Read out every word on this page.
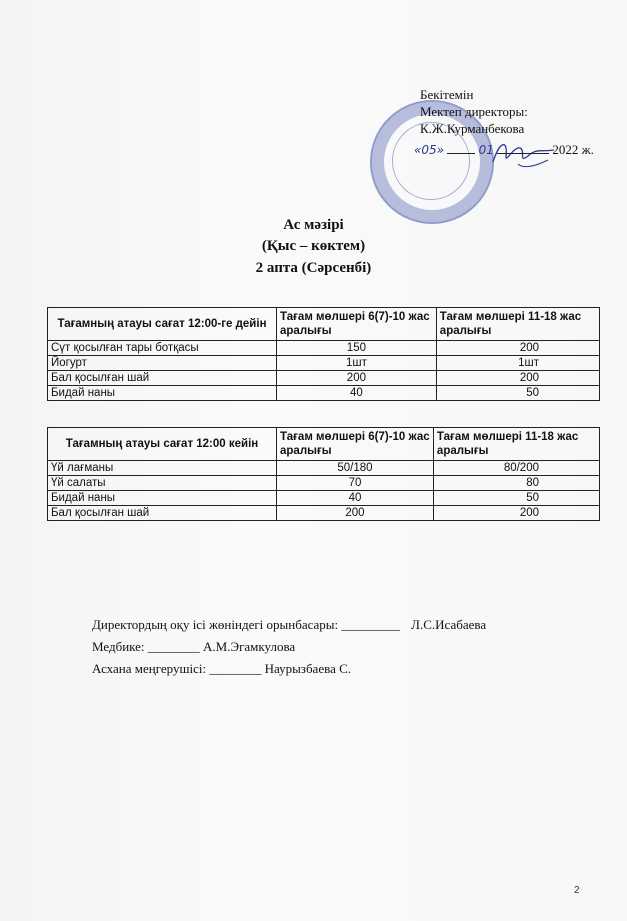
Бекітемін
Мектеп директоры:
К.Ж.Курманбекова
«05»	01	2022 ж.
Ас мәзірі
(Қыс – көктем)
2 апта (Сәрсенбі)
Тағамның атауы сағат 12:00-ге дейін	Тағам мөлшері 6(7)-10 жас аралығы	Тағам мөлшері 11-18 жас аралығы
Сүт қосылған тары ботқасы	150	200
Йогурт	1шт	1шт
Бал қосылған шай	200	200
Бидай наны	40	50
Тағамның атауы сағат 12:00 кейін	Тағам мөлшері 6(7)-10 жас аралығы	Тағам мөлшері 11-18 жас аралығы
Үй лағманы	50/180	80/200
Үй салаты	70	80
Бидай наны	40	50
Бал қосылған шай	200	200
Директордың оқу ісі жөніндегі орынбасары: _________ Л.С.Исабаева
Медбике: ________ А.М.Эгамкулова
Асхана меңгерушісі: ________ Наурызбаева С.
2
